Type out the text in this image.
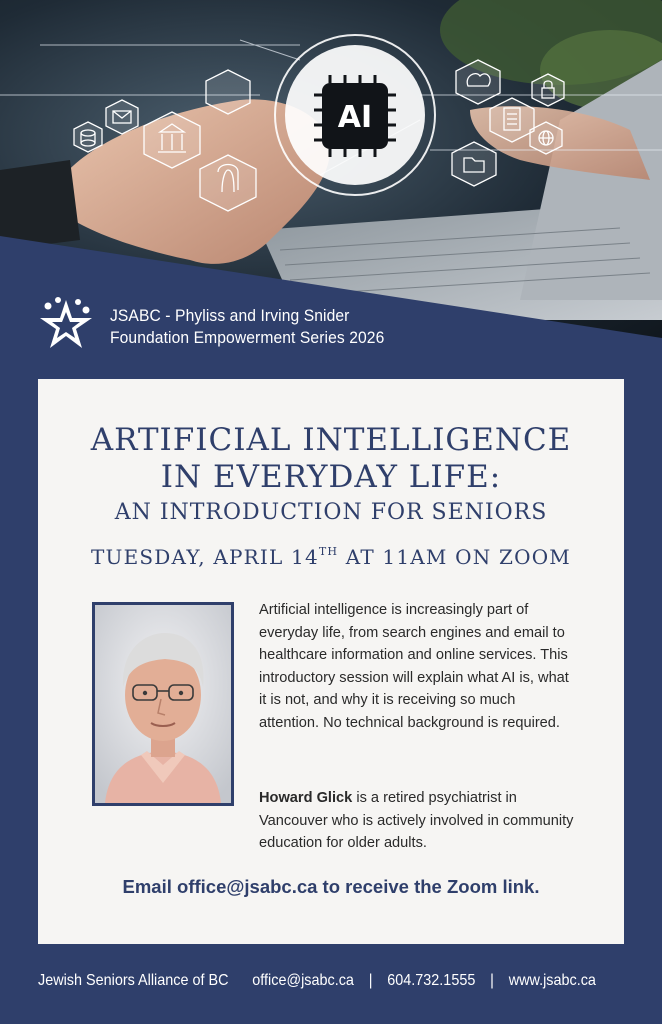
AI
JSABC - Phyliss and Irving Snider
Foundation Empowerment Series 2026
ARTIFICIAL INTELLIGENCE
IN EVERYDAY LIFE:
AN INTRODUCTION FOR SENIORS
TUESDAY, APRIL 14TH AT 11AM ON ZOOM
Artificial intelligence is increasingly part of everyday life, from search engines and email to healthcare information and online services. This introductory session will explain what AI is, what it is not, and why it is receiving so much attention. No technical background is required.
Howard Glick is a retired psychiatrist in Vancouver who is actively involved in community education for older adults.
Email office@jsabc.ca to receive the Zoom link.
Jewish Seniors Alliance of BC office@jsabc.ca | 604.732.1555 | www.jsabc.ca
